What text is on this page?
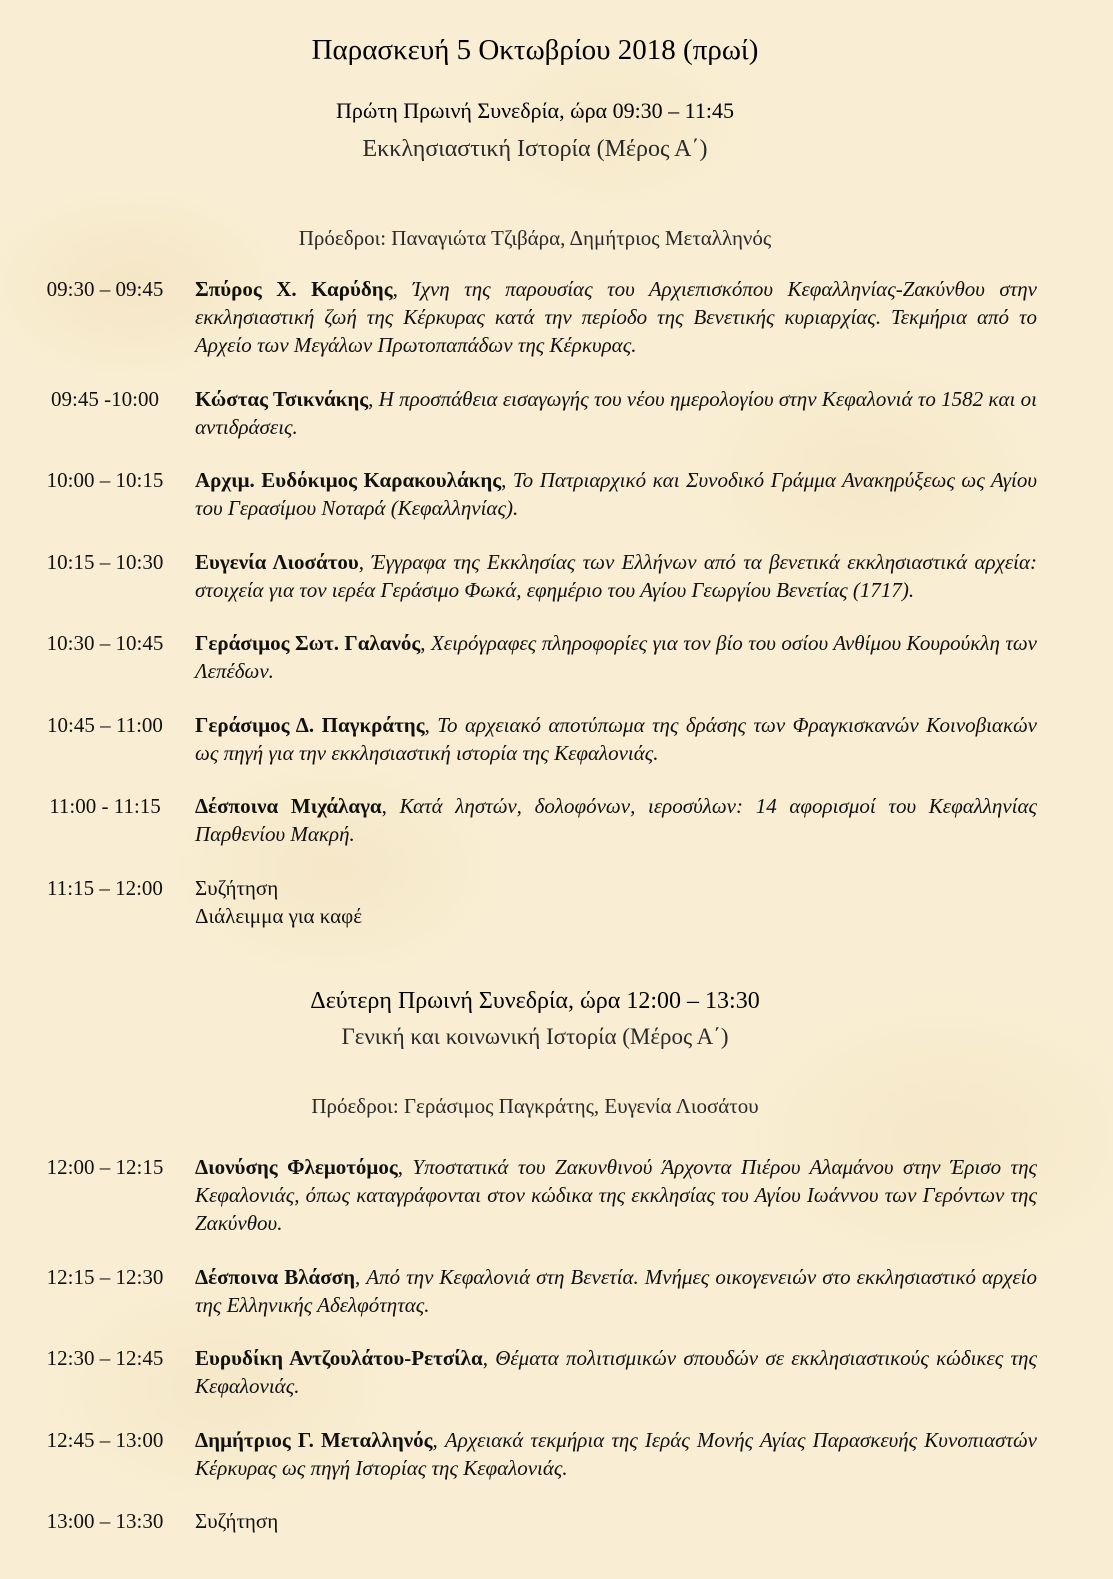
Παρασκευή 5 Οκτωβρίου 2018 (πρωί)
Πρώτη Πρωινή Συνεδρία, ώρα 09:30 – 11:45
Εκκλησιαστική Ιστορία (Μέρος Α΄)
Πρόεδροι: Παναγιώτα Τζιβάρα, Δημήτριος Μεταλληνός
09:30 – 09:45	Σπύρος Χ. Καρύδης, Ίχνη της παρουσίας του Αρχιεπισκόπου Κεφαλληνίας-Ζακύνθου στην εκκλησιαστική ζωή της Κέρκυρας κατά την περίοδο της Βενετικής κυριαρχίας. Τεκμήρια από το Αρχείο των Μεγάλων Πρωτοπαπάδων της Κέρκυρας.
09:45 -10:00	Κώστας Τσικνάκης, Η προσπάθεια εισαγωγής του νέου ημερολογίου στην Κεφαλονιά το 1582 και οι αντιδράσεις.
10:00 – 10:15	Αρχιμ. Ευδόκιμος Καρακουλάκης, Το Πατριαρχικό και Συνοδικό Γράμμα Ανακηρύξεως ως Αγίου του Γερασίμου Νοταρά (Κεφαλληνίας).
10:15 – 10:30	Ευγενία Λιοσάτου, Έγγραφα της Εκκλησίας των Ελλήνων από τα βενετικά εκκλησιαστικά αρχεία: στοιχεία για τον ιερέα Γεράσιμο Φωκά, εφημέριο του Αγίου Γεωργίου Βενετίας (1717).
10:30 – 10:45	Γεράσιμος Σωτ. Γαλανός, Χειρόγραφες πληροφορίες για τον βίο του οσίου Ανθίμου Κουρούκλη των Λεπέδων.
10:45 – 11:00	Γεράσιμος Δ. Παγκράτης, Το αρχειακό αποτύπωμα της δράσης των Φραγκισκανών Κοινοβιακών ως πηγή για την εκκλησιαστική ιστορία της Κεφαλονιάς.
11:00 - 11:15	Δέσποινα Μιχάλαγα, Κατά ληστών, δολοφόνων, ιεροσύλων: 14 αφορισμοί του Κεφαλληνίας Παρθενίου Μακρή.
11:15 – 12:00	Συζήτηση
Διάλειμμα για καφέ
Δεύτερη Πρωινή Συνεδρία, ώρα 12:00 – 13:30
Γενική και κοινωνική Ιστορία (Μέρος Α΄)
Πρόεδροι: Γεράσιμος Παγκράτης, Ευγενία Λιοσάτου
12:00 – 12:15	Διονύσης Φλεμοτόμος, Υποστατικά του Ζακυνθινού Άρχοντα Πιέρου Αλαμάνου στην Έρισο της Κεφαλονιάς, όπως καταγράφονται στον κώδικα της εκκλησίας του Αγίου Ιωάννου των Γερόντων της Ζακύνθου.
12:15 – 12:30	Δέσποινα Βλάσση, Από την Κεφαλονιά στη Βενετία. Μνήμες οικογενειών στο εκκλησιαστικό αρχείο της Ελληνικής Αδελφότητας.
12:30 – 12:45	Ευρυδίκη Αντζουλάτου-Ρετσίλα, Θέματα πολιτισμικών σπουδών σε εκκλησιαστικούς κώδικες της Κεφαλονιάς.
12:45 – 13:00	Δημήτριος Γ. Μεταλληνός, Αρχειακά τεκμήρια της Ιεράς Μονής Αγίας Παρασκευής Κυνοπιαστών Κέρκυρας ως πηγή Ιστορίας της Κεφαλονιάς.
13:00 – 13:30	Συζήτηση
